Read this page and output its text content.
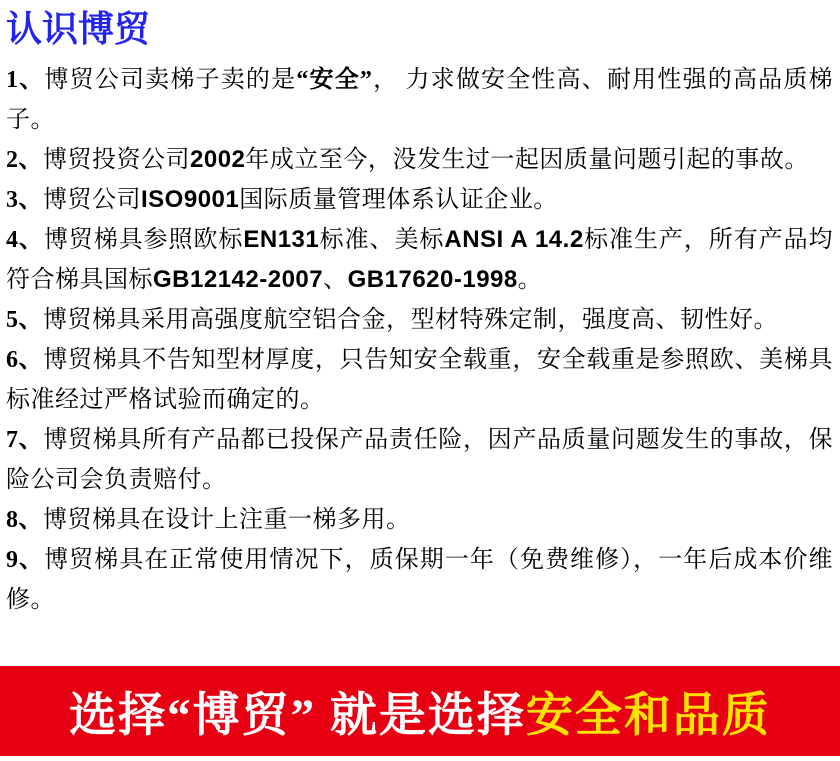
认识博贸

1、博贸公司卖梯子卖的是“安全”， 力求做安全性高、耐用性强的高品质梯子。

2、博贸投资公司2002年成立至今，没发生过一起因质量问题引起的事故。

3、博贸公司ISO9001国际质量管理体系认证企业。

4、博贸梯具参照欧标EN131标准、美标ANSI A 14.2标准生产，所有产品均符合梯具国标GB12142-2007、GB17620-1998。

5、博贸梯具采用高强度航空铝合金，型材特殊定制，强度高、韧性好。

6、博贸梯具不告知型材厚度，只告知安全载重，安全载重是参照欧、美梯具标准经过严格试验而确定的。

7、博贸梯具所有产品都已投保产品责任险，因产品质量问题发生的事故，保险公司会负责赔付。

8、博贸梯具在设计上注重一梯多用。

9、博贸梯具在正常使用情况下，质保期一年（免费维修），一年后成本价维修。

选择“博贸” 就是选择安全和品质
